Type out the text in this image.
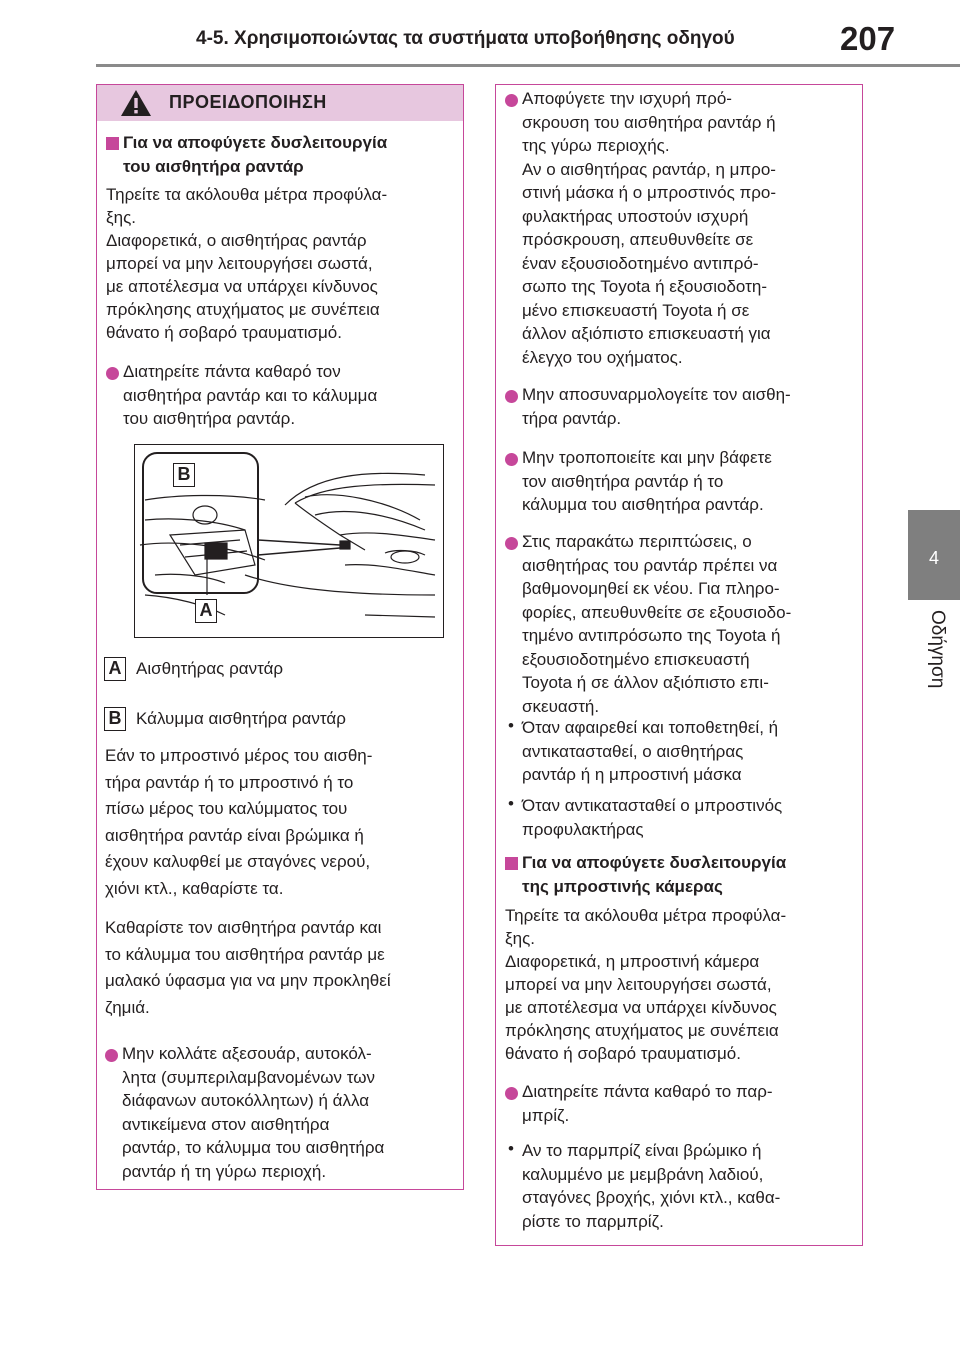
4-5. Χρησιμοποιώντας τα συστήματα υποβοήθησης οδηγού	207
4
Οδήγηση
ΠΡΟΕΙΔΟΠΟΙΗΣΗ
Για να αποφύγετε δυσλειτουργία
του αισθητήρα ραντάρ
Τηρείτε τα ακόλουθα μέτρα προφύλα-
ξης.
Διαφορετικά, ο αισθητήρας ραντάρ
μπορεί να μην λειτουργήσει σωστά,
με αποτέλεσμα να υπάρχει κίνδυνος
πρόκλησης ατυχήματος με συνέπεια
θάνατο ή σοβαρό τραυματισμό.
Διατηρείτε πάντα καθαρό τον
αισθητήρα ραντάρ και το κάλυμμα
του αισθητήρα ραντάρ.
B
A
A Αισθητήρας ραντάρ
B Κάλυμμα αισθητήρα ραντάρ
Εάν το μπροστινό μέρος του αισθη-
τήρα ραντάρ ή το μπροστινό ή το
πίσω μέρος του καλύμματος του
αισθητήρα ραντάρ είναι βρώμικα ή
έχουν καλυφθεί με σταγόνες νερού,
χιόνι κτλ., καθαρίστε τα.
Καθαρίστε τον αισθητήρα ραντάρ και
το κάλυμμα του αισθητήρα ραντάρ με
μαλακό ύφασμα για να μην προκληθεί
ζημιά.
Μην κολλάτε αξεσουάρ, αυτοκόλ-
λητα (συμπεριλαμβανομένων των
διάφανων αυτοκόλλητων) ή άλλα
αντικείμενα στον αισθητήρα
ραντάρ, το κάλυμμα του αισθητήρα
ραντάρ ή τη γύρω περιοχή.
Αποφύγετε την ισχυρή πρό-
σκρουση του αισθητήρα ραντάρ ή
της γύρω περιοχής.
Αν ο αισθητήρας ραντάρ, η μπρο-
στινή μάσκα ή ο μπροστινός προ-
φυλακτήρας υποστούν ισχυρή
πρόσκρουση, απευθυνθείτε σε
έναν εξουσιοδοτημένο αντιπρό-
σωπο της Toyota ή εξουσιοδοτη-
μένο επισκευαστή Toyota ή σε
άλλον αξιόπιστο επισκευαστή για
έλεγχο του οχήματος.
Μην αποσυναρμολογείτε τον αισθη-
τήρα ραντάρ.
Μην τροποποιείτε και μην βάφετε
τον αισθητήρα ραντάρ ή το
κάλυμμα του αισθητήρα ραντάρ.
Στις παρακάτω περιπτώσεις, ο
αισθητήρας του ραντάρ πρέπει να
βαθμονομηθεί εκ νέου. Για πληρο-
φορίες, απευθυνθείτε σε εξουσιοδο-
τημένο αντιπρόσωπο της Toyota ή
εξουσιοδοτημένο επισκευαστή
Toyota ή σε άλλον αξιόπιστο επι-
σκευαστή.
• Όταν αφαιρεθεί και τοποθετηθεί, ή
αντικατασταθεί, ο αισθητήρας
ραντάρ ή η μπροστινή μάσκα
• Όταν αντικατασταθεί ο μπροστινός
προφυλακτήρας
Για να αποφύγετε δυσλειτουργία
της μπροστινής κάμερας
Τηρείτε τα ακόλουθα μέτρα προφύλα-
ξης.
Διαφορετικά, η μπροστινή κάμερα
μπορεί να μην λειτουργήσει σωστά,
με αποτέλεσμα να υπάρχει κίνδυνος
πρόκλησης ατυχήματος με συνέπεια
θάνατο ή σοβαρό τραυματισμό.
Διατηρείτε πάντα καθαρό το παρ-
μπρίζ.
• Αν το παρμπρίζ είναι βρώμικο ή
καλυμμένο με μεμβράνη λαδιού,
σταγόνες βροχής, χιόνι κτλ., καθα-
ρίστε το παρμπρίζ.
